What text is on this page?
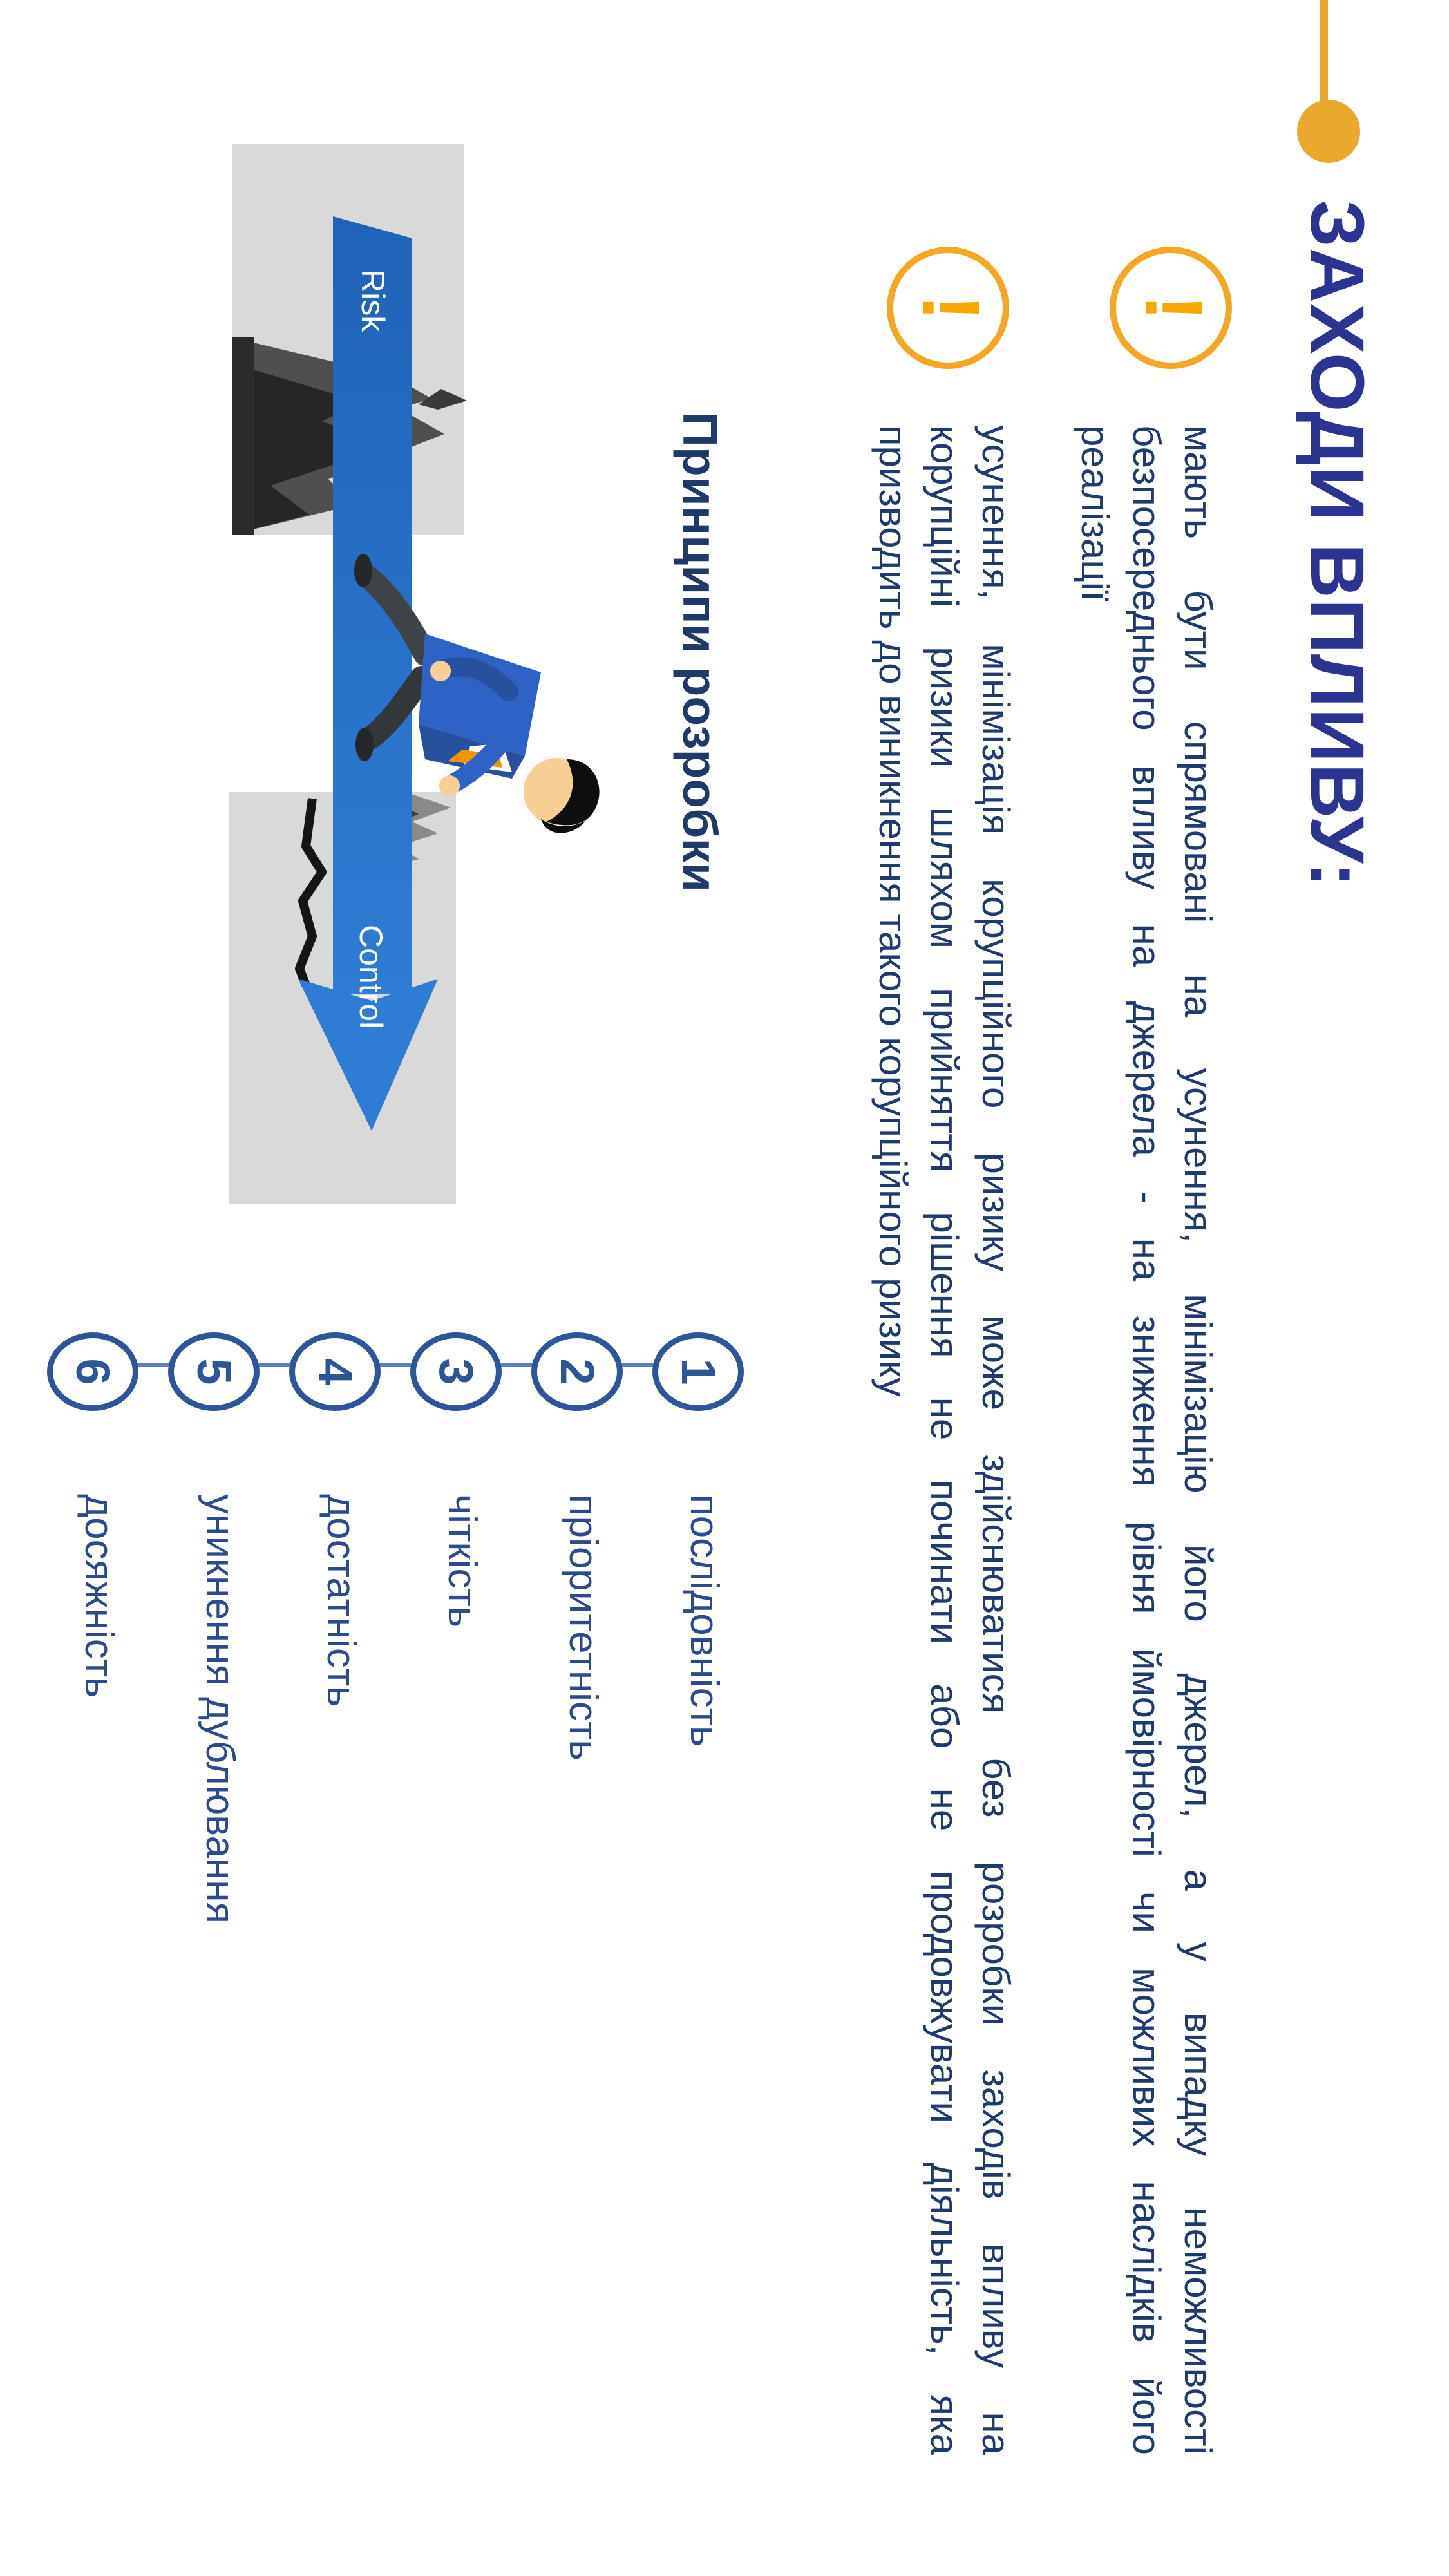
ЗАХОДИ ВПЛИВУ:
!
мають бути спрямовані на усунення, мінімізацію його джерел, а у випадку неможливості
безпосереднього впливу на джерела - на зниження рівня ймовірності чи можливих наслідків його
реалізації
!
усунення, мінімізація корупційного ризику може здійснюватися без розробки заходів впливу на
корупційні ризики шляхом прийняття рішення не починати або не продовжувати діяльність, яка
призводить до виникнення такого корупційного ризику
Принципи розробки
Risk
Control
1
послідовність
2
пріоритетність
3
чіткість
4
достатність
5
уникнення дублювання
6
досяжність
